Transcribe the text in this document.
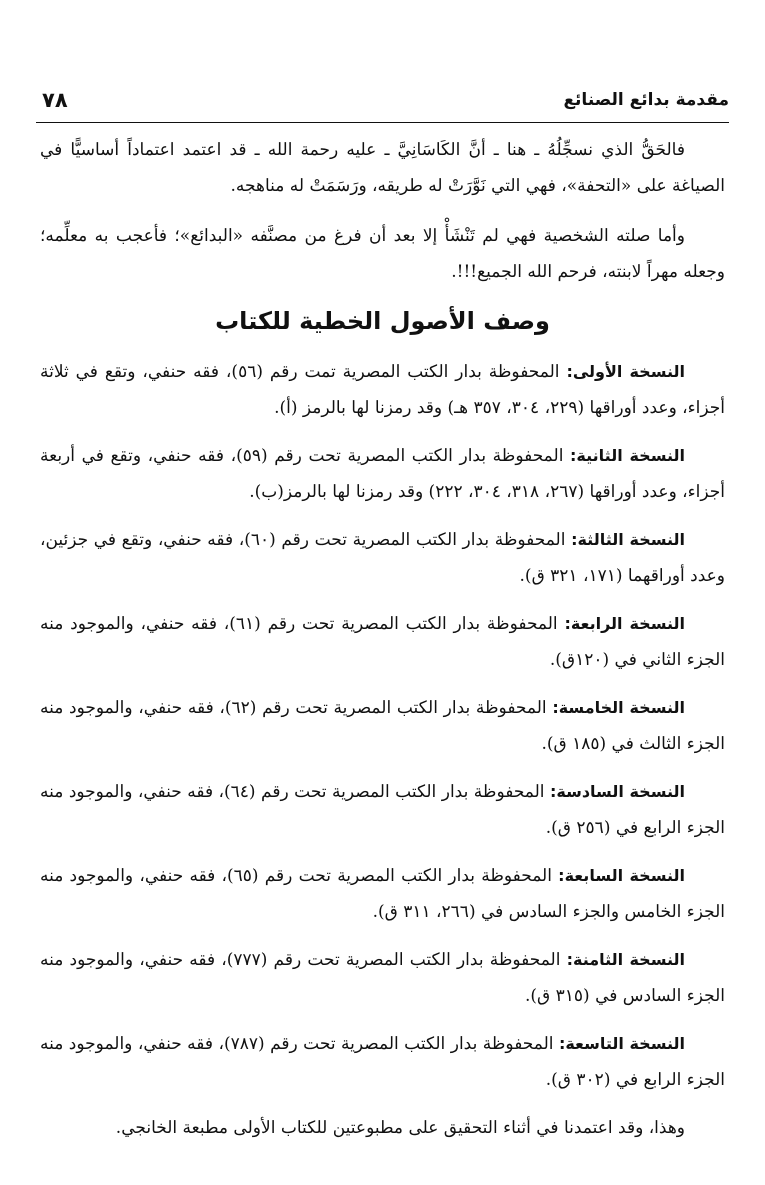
مقدمة بدائع الصنائع
٧٨

فالحَقُّ الذي نسجِّلُهُ ـ هنا ـ أنَّ الكَاسَانِيَّ ـ عليه رحمة الله ـ قد اعتمد اعتماداً أساسيًّا في الصياغة على «التحفة»، فهي التي نَوَّرَتْ له طريقه، ورَسَمَتْ له مناهجه.

وأما صلته الشخصية فهي لم تَنْشَأْ إلا بعد أن فرغ من مصنَّفه «البدائع»؛ فأعجب به معلِّمه؛ وجعله مهراً لابنته، فرحم الله الجميع!!!.

وصف الأصول الخطية للكتاب

النسخة الأولى: المحفوظة بدار الكتب المصرية تمت رقم (٥٦)، فقه حنفي، وتقع في ثلاثة أجزاء، وعدد أوراقها (٢٢٩، ٣٠٤، ٣٥٧ هـ) وقد رمزنا لها بالرمز (أ).

النسخة الثانية: المحفوظة بدار الكتب المصرية تحت رقم (٥٩)، فقه حنفي، وتقع في أربعة أجزاء، وعدد أوراقها (٢٦٧، ٣١٨، ٣٠٤، ٢٢٢) وقد رمزنا لها بالرمز(ب).

النسخة الثالثة: المحفوظة بدار الكتب المصرية تحت رقم (٦٠)، فقه حنفي، وتقع في جزئين، وعدد أوراقهما (١٧١، ٣٢١ ق).

النسخة الرابعة: المحفوظة بدار الكتب المصرية تحت رقم (٦١)، فقه حنفي، والموجود منه الجزء الثاني في (١٢٠ق).

النسخة الخامسة: المحفوظة بدار الكتب المصرية تحت رقم (٦٢)، فقه حنفي، والموجود منه الجزء الثالث في (١٨٥ ق).

النسخة السادسة: المحفوظة بدار الكتب المصرية تحت رقم (٦٤)، فقه حنفي، والموجود منه الجزء الرابع في (٢٥٦ ق).

النسخة السابعة: المحفوظة بدار الكتب المصرية تحت رقم (٦٥)، فقه حنفي، والموجود منه الجزء الخامس والجزء السادس في (٢٦٦، ٣١١ ق).

النسخة الثامنة: المحفوظة بدار الكتب المصرية تحت رقم (٧٧٧)، فقه حنفي، والموجود منه الجزء السادس في (٣١٥ ق).

النسخة التاسعة: المحفوظة بدار الكتب المصرية تحت رقم (٧٨٧)، فقه حنفي، والموجود منه الجزء الرابع في (٣٠٢ ق).

وهذا، وقد اعتمدنا في أثناء التحقيق على مطبوعتين للكتاب الأولى مطبعة الخانجي.
